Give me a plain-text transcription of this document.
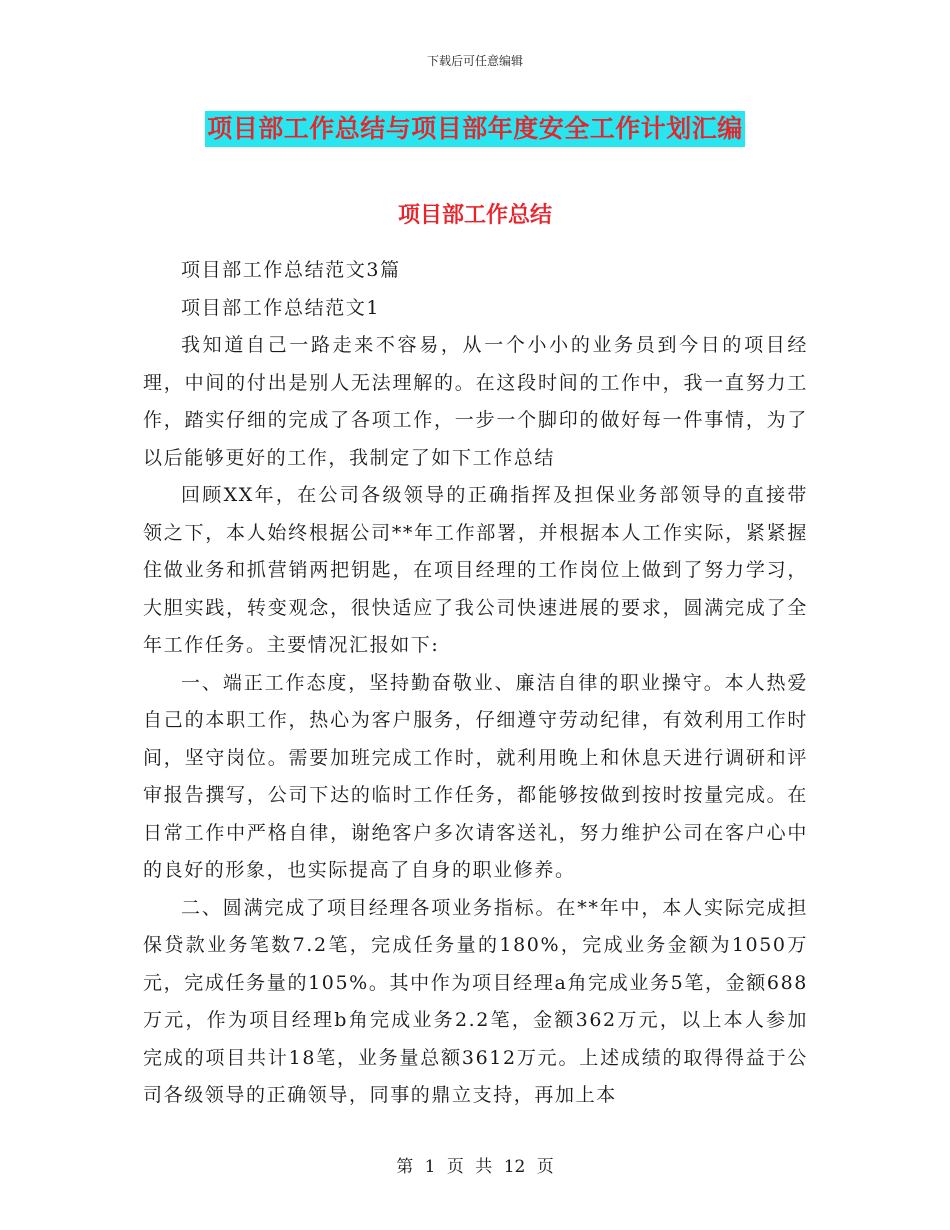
下载后可任意编辑
项目部工作总结与项目部年度安全工作计划汇编
项目部工作总结

项目部工作总结范文3篇

项目部工作总结范文1

我知道自己一路走来不容易，从一个小小的业务员到今日的项目经理，中间的付出是别人无法理解的。在这段时间的工作中，我一直努力工作，踏实仔细的完成了各项工作，一步一个脚印的做好每一件事情，为了以后能够更好的工作，我制定了如下工作总结

回顾XX年，在公司各级领导的正确指挥及担保业务部领导的直接带领之下，本人始终根据公司**年工作部署，并根据本人工作实际，紧紧握住做业务和抓营销两把钥匙，在项目经理的工作岗位上做到了努力学习，大胆实践，转变观念，很快适应了我公司快速进展的要求，圆满完成了全年工作任务。主要情况汇报如下:

一、端正工作态度，坚持勤奋敬业、廉洁自律的职业操守。本人热爱自己的本职工作，热心为客户服务，仔细遵守劳动纪律，有效利用工作时间，坚守岗位。需要加班完成工作时，就利用晚上和休息天进行调研和评审报告撰写，公司下达的临时工作任务，都能够按做到按时按量完成。在日常工作中严格自律，谢绝客户多次请客送礼，努力维护公司在客户心中的良好的形象，也实际提高了自身的职业修养。

二、圆满完成了项目经理各项业务指标。在**年中，本人实际完成担保贷款业务笔数7.2笔，完成任务量的180%，完成业务金额为1050万元，完成任务量的105%。其中作为项目经理a角完成业务5笔，金额688 万元，作为项目经理b角完成业务2.2笔，金额362万元，以上本人参加完成的项目共计18笔，业务量总额3612万元。上述成绩的取得得益于公司各级领导的正确领导，同事的鼎立支持，再加上本

第 1 页 共 12 页
